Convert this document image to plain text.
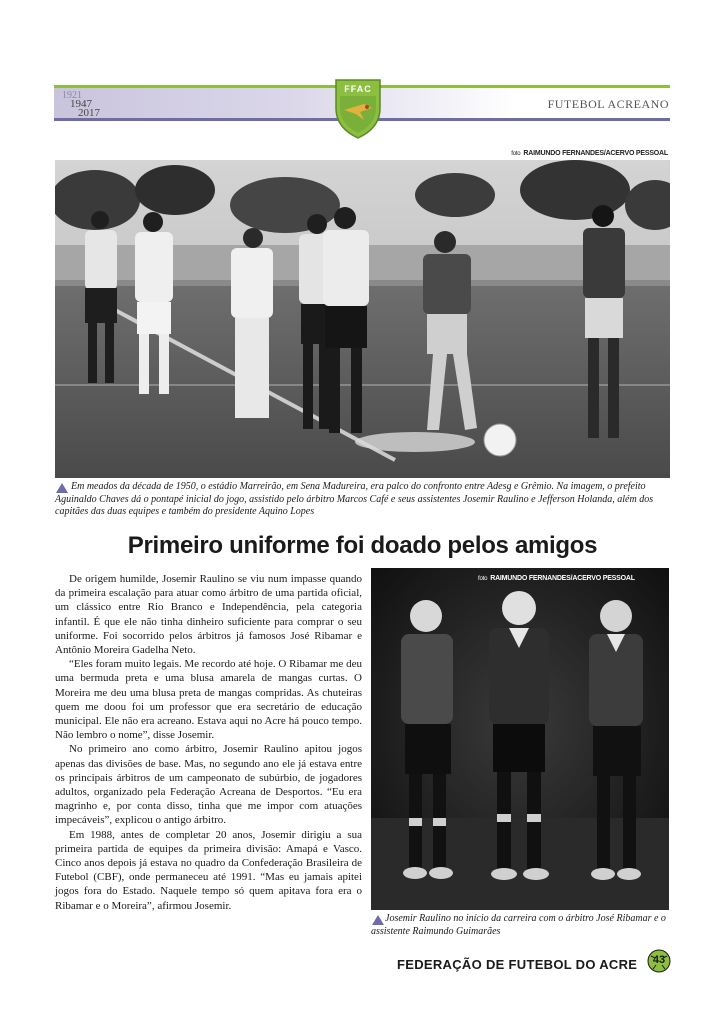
1921
1947
2017
FFAC
FUTEBOL ACREANO
foto RAIMUNDO FERNANDES/ACERVO PESSOAL

Em meados da década de 1950, o estádio Marreirão, em Sena Madureira, era palco do confronto entre Adesg e Grêmio. Na imagem, o prefeito Aguinaldo Chaves dá o pontapé inicial do jogo, assistido pelo árbitro Marcos Café e seus assistentes Josemir Raulino e Jefferson Holanda, além dos capitães das duas equipes e também do presidente Aquino Lopes

Primeiro uniforme foi doado pelos amigos

De origem humilde, Josemir Raulino se viu num impasse quando da primeira escalação para atuar como árbitro de uma partida oficial, um clássico entre Rio Branco e Independência, pela categoria infantil. É que ele não tinha dinheiro suficiente para comprar o seu uniforme. Foi socorrido pelos árbitros já famosos José Ribamar e Antônio Moreira Gadelha Neto.

“Eles foram muito legais. Me recordo até hoje. O Ribamar me deu uma bermuda preta e uma blusa amarela de mangas curtas. O Moreira me deu uma blusa preta de mangas compridas. As chuteiras quem me doou foi um professor que era secretário de educação municipal. Ele não era acreano. Estava aqui no Acre há pouco tempo. Não lembro o nome”, disse Josemir.

No primeiro ano como árbitro, Josemir Raulino apitou jogos apenas das divisões de base. Mas, no segundo ano ele já estava entre os principais árbitros de um campeonato de subúrbio, de jogadores adultos, organizado pela Federação Acreana de Desportos. “Eu era magrinho e, por conta disso, tinha que me impor com atuações impecáveis”, explicou o antigo árbitro.

Em 1988, antes de completar 20 anos, Josemir dirigiu a sua primeira partida de equipes da primeira divisão: Amapá e Vasco. Cinco anos depois já estava no quadro da Confederação Brasileira de Futebol (CBF), onde permaneceu até 1991. “Mas eu jamais apitei jogos fora do Estado. Naquele tempo só quem apitava fora era o Ribamar e o Moreira”, afirmou Josemir.

foto RAIMUNDO FERNANDES/ACERVO PESSOAL

Josemir Raulino no início da carreira com o árbitro José Ribamar e o assistente Raimundo Guimarães

FEDERAÇÃO DE FUTEBOL DO ACRE	43
